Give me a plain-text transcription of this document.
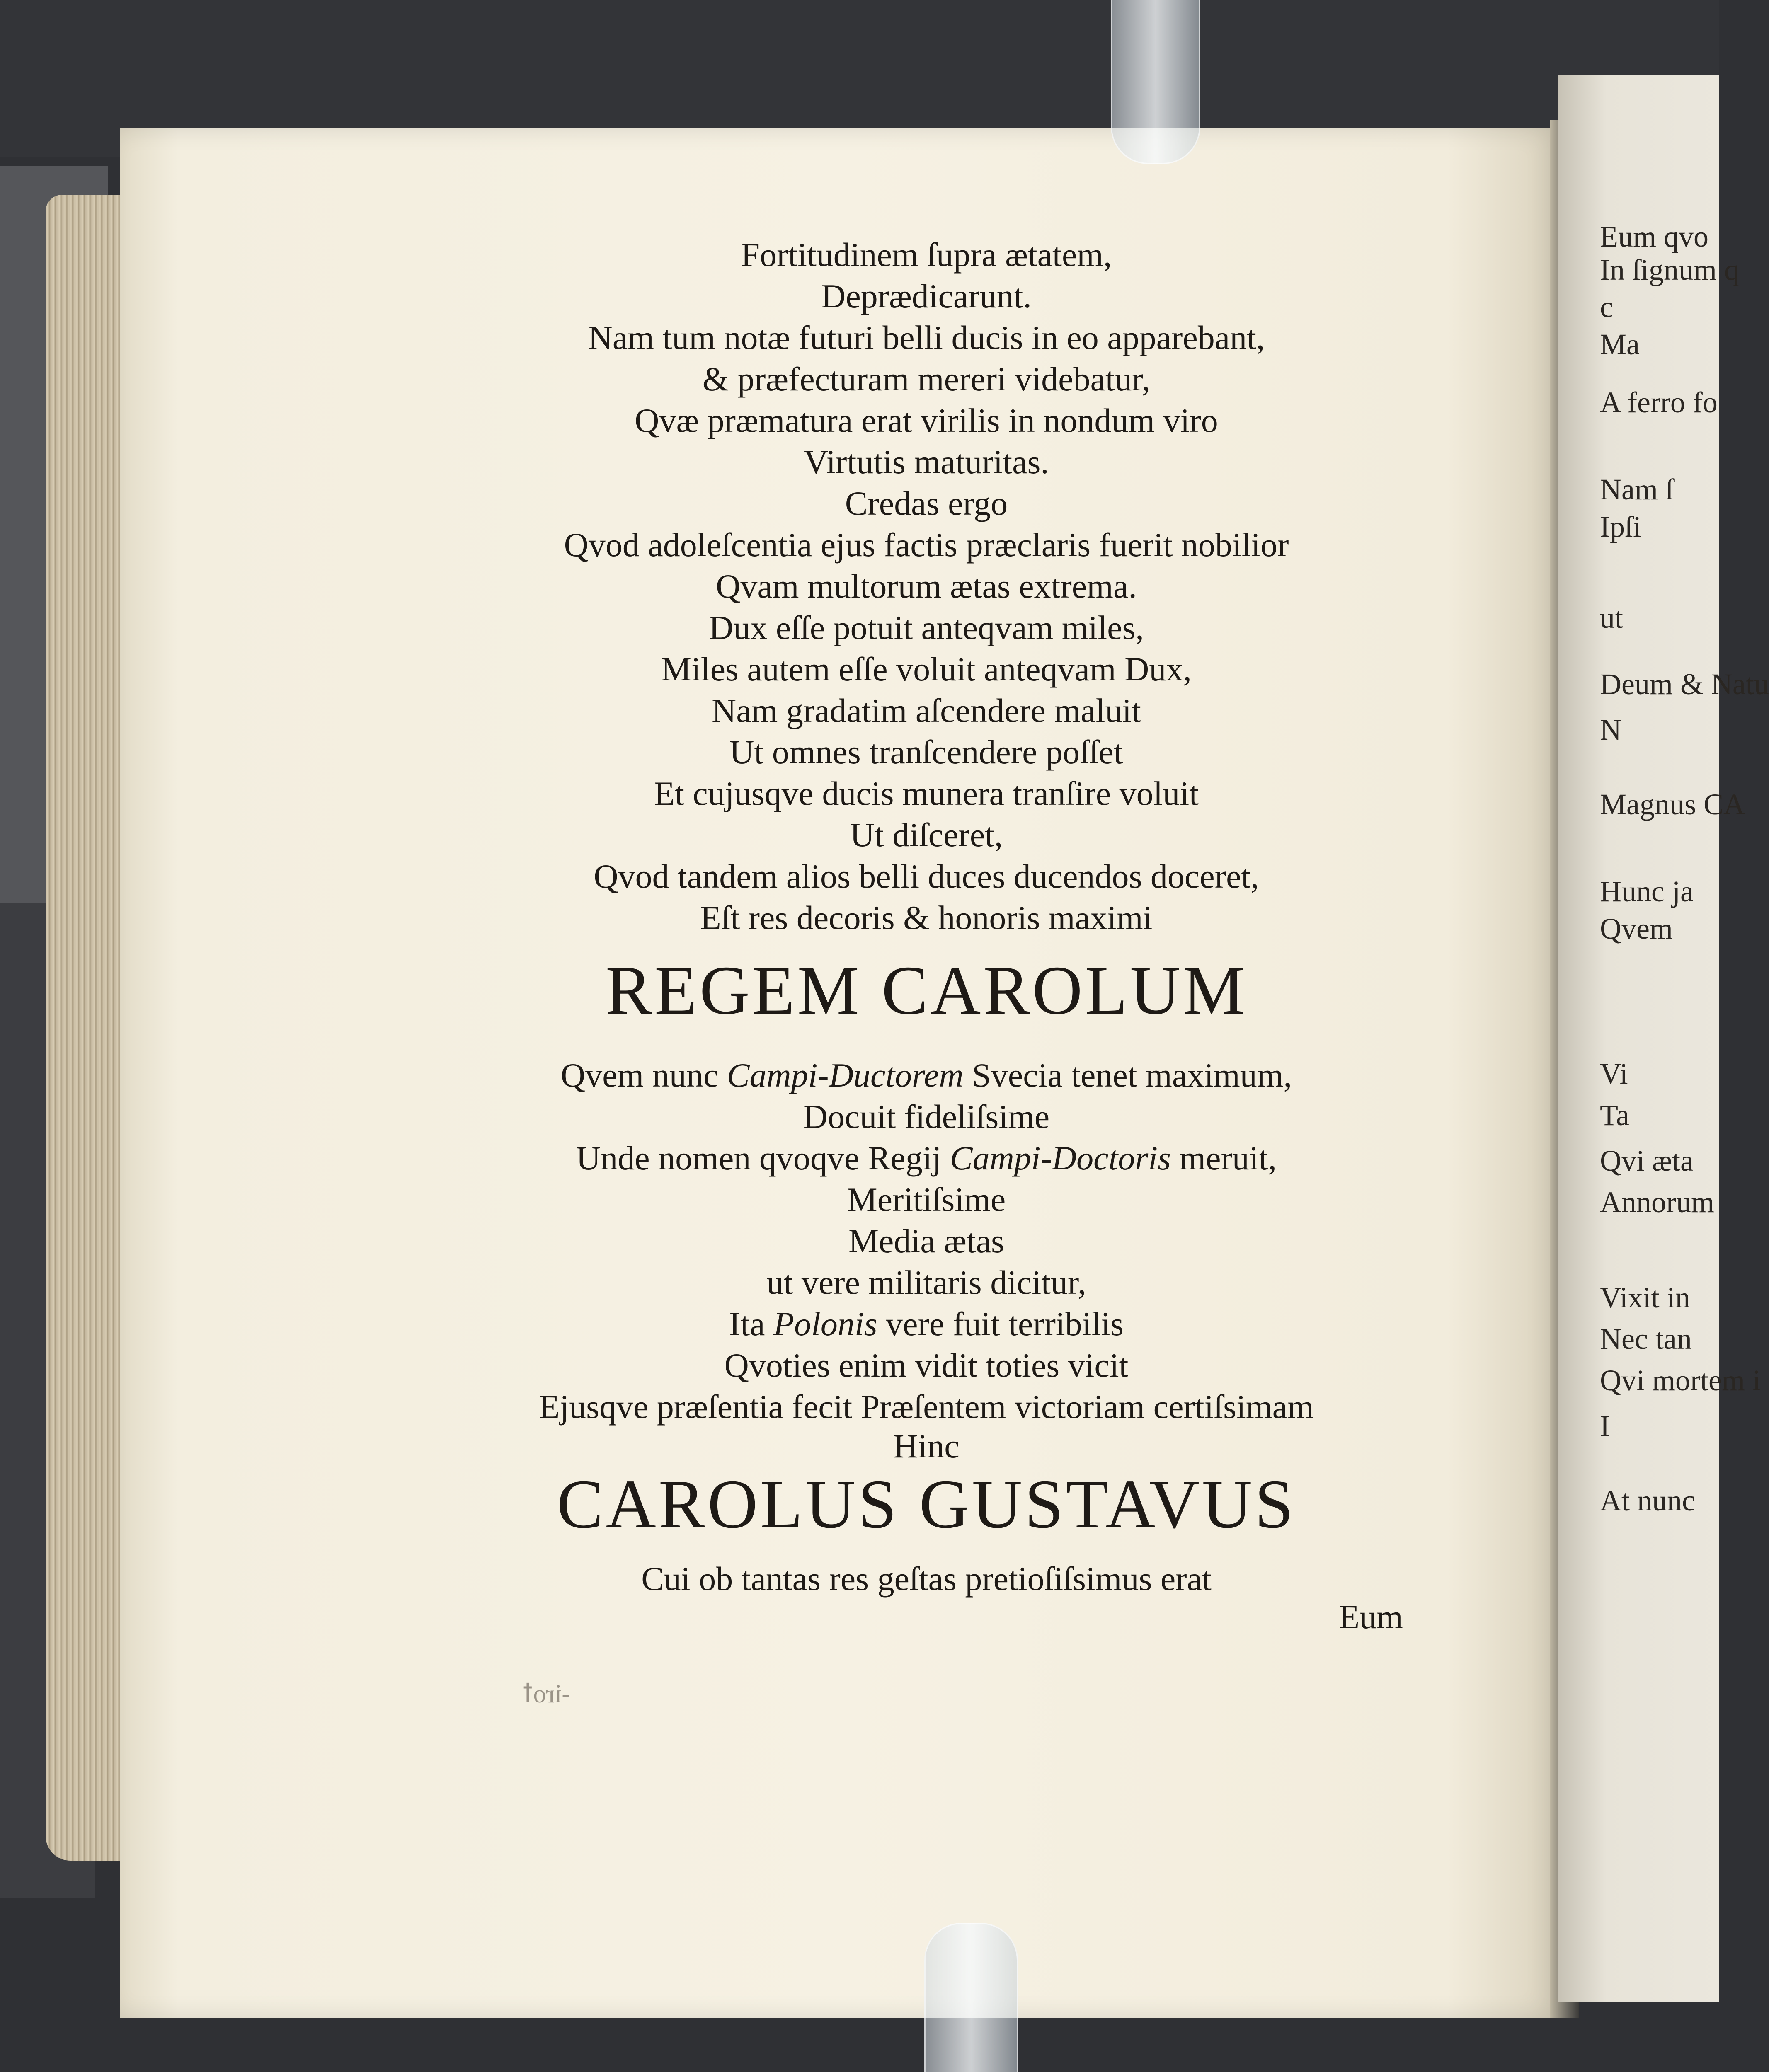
Eum qvo
In ſignum q
c
Ma
A ferro fo
Nam ſ
Ipſi
ut
Deum & Natu
N
Magnus CA
Hunc ja
Qvem
Vi
Ta
Qvi æta
Annorum
Vixit in
Nec tan
Qvi mortem i
I
At nunc
Fortitudinem ſupra ætatem,
Deprædicarunt.
Nam tum notæ futuri belli ducis in eo apparebant,
& præfecturam mereri videbatur,
Qvæ præmatura erat virilis in nondum viro
Virtutis maturitas.
Credas ergo
Qvod adoleſcentia ejus factis præclaris fuerit nobilior
Qvam multorum ætas extrema.
Dux eſſe potuit anteqvam miles,
Miles autem eſſe voluit anteqvam Dux,
Nam gradatim aſcendere maluit
Ut omnes tranſcendere poſſet
Et cujusqve ducis munera tranſire voluit
Ut diſceret,
Qvod tandem alios belli duces ducendos doceret,
Eſt res decoris & honoris maximi
REGEM CAROLUM
Qvem nunc Campi-Ductorem Svecia tenet maximum,
Docuit fideliſsime
Unde nomen qvoqve Regij Campi-Doctoris meruit,
Meritiſsime
Media ætas
ut vere militaris dicitur,
Ita Polonis vere fuit terribilis
Qvoties enim vidit toties vicit
Ejusqve præſentia fecit Præſentem victoriam certiſsimam
Hinc
CAROLUS GUSTAVUS
Cui ob tantas res geſtas pretioſiſsimus erat
Eum
-iroꝉ
